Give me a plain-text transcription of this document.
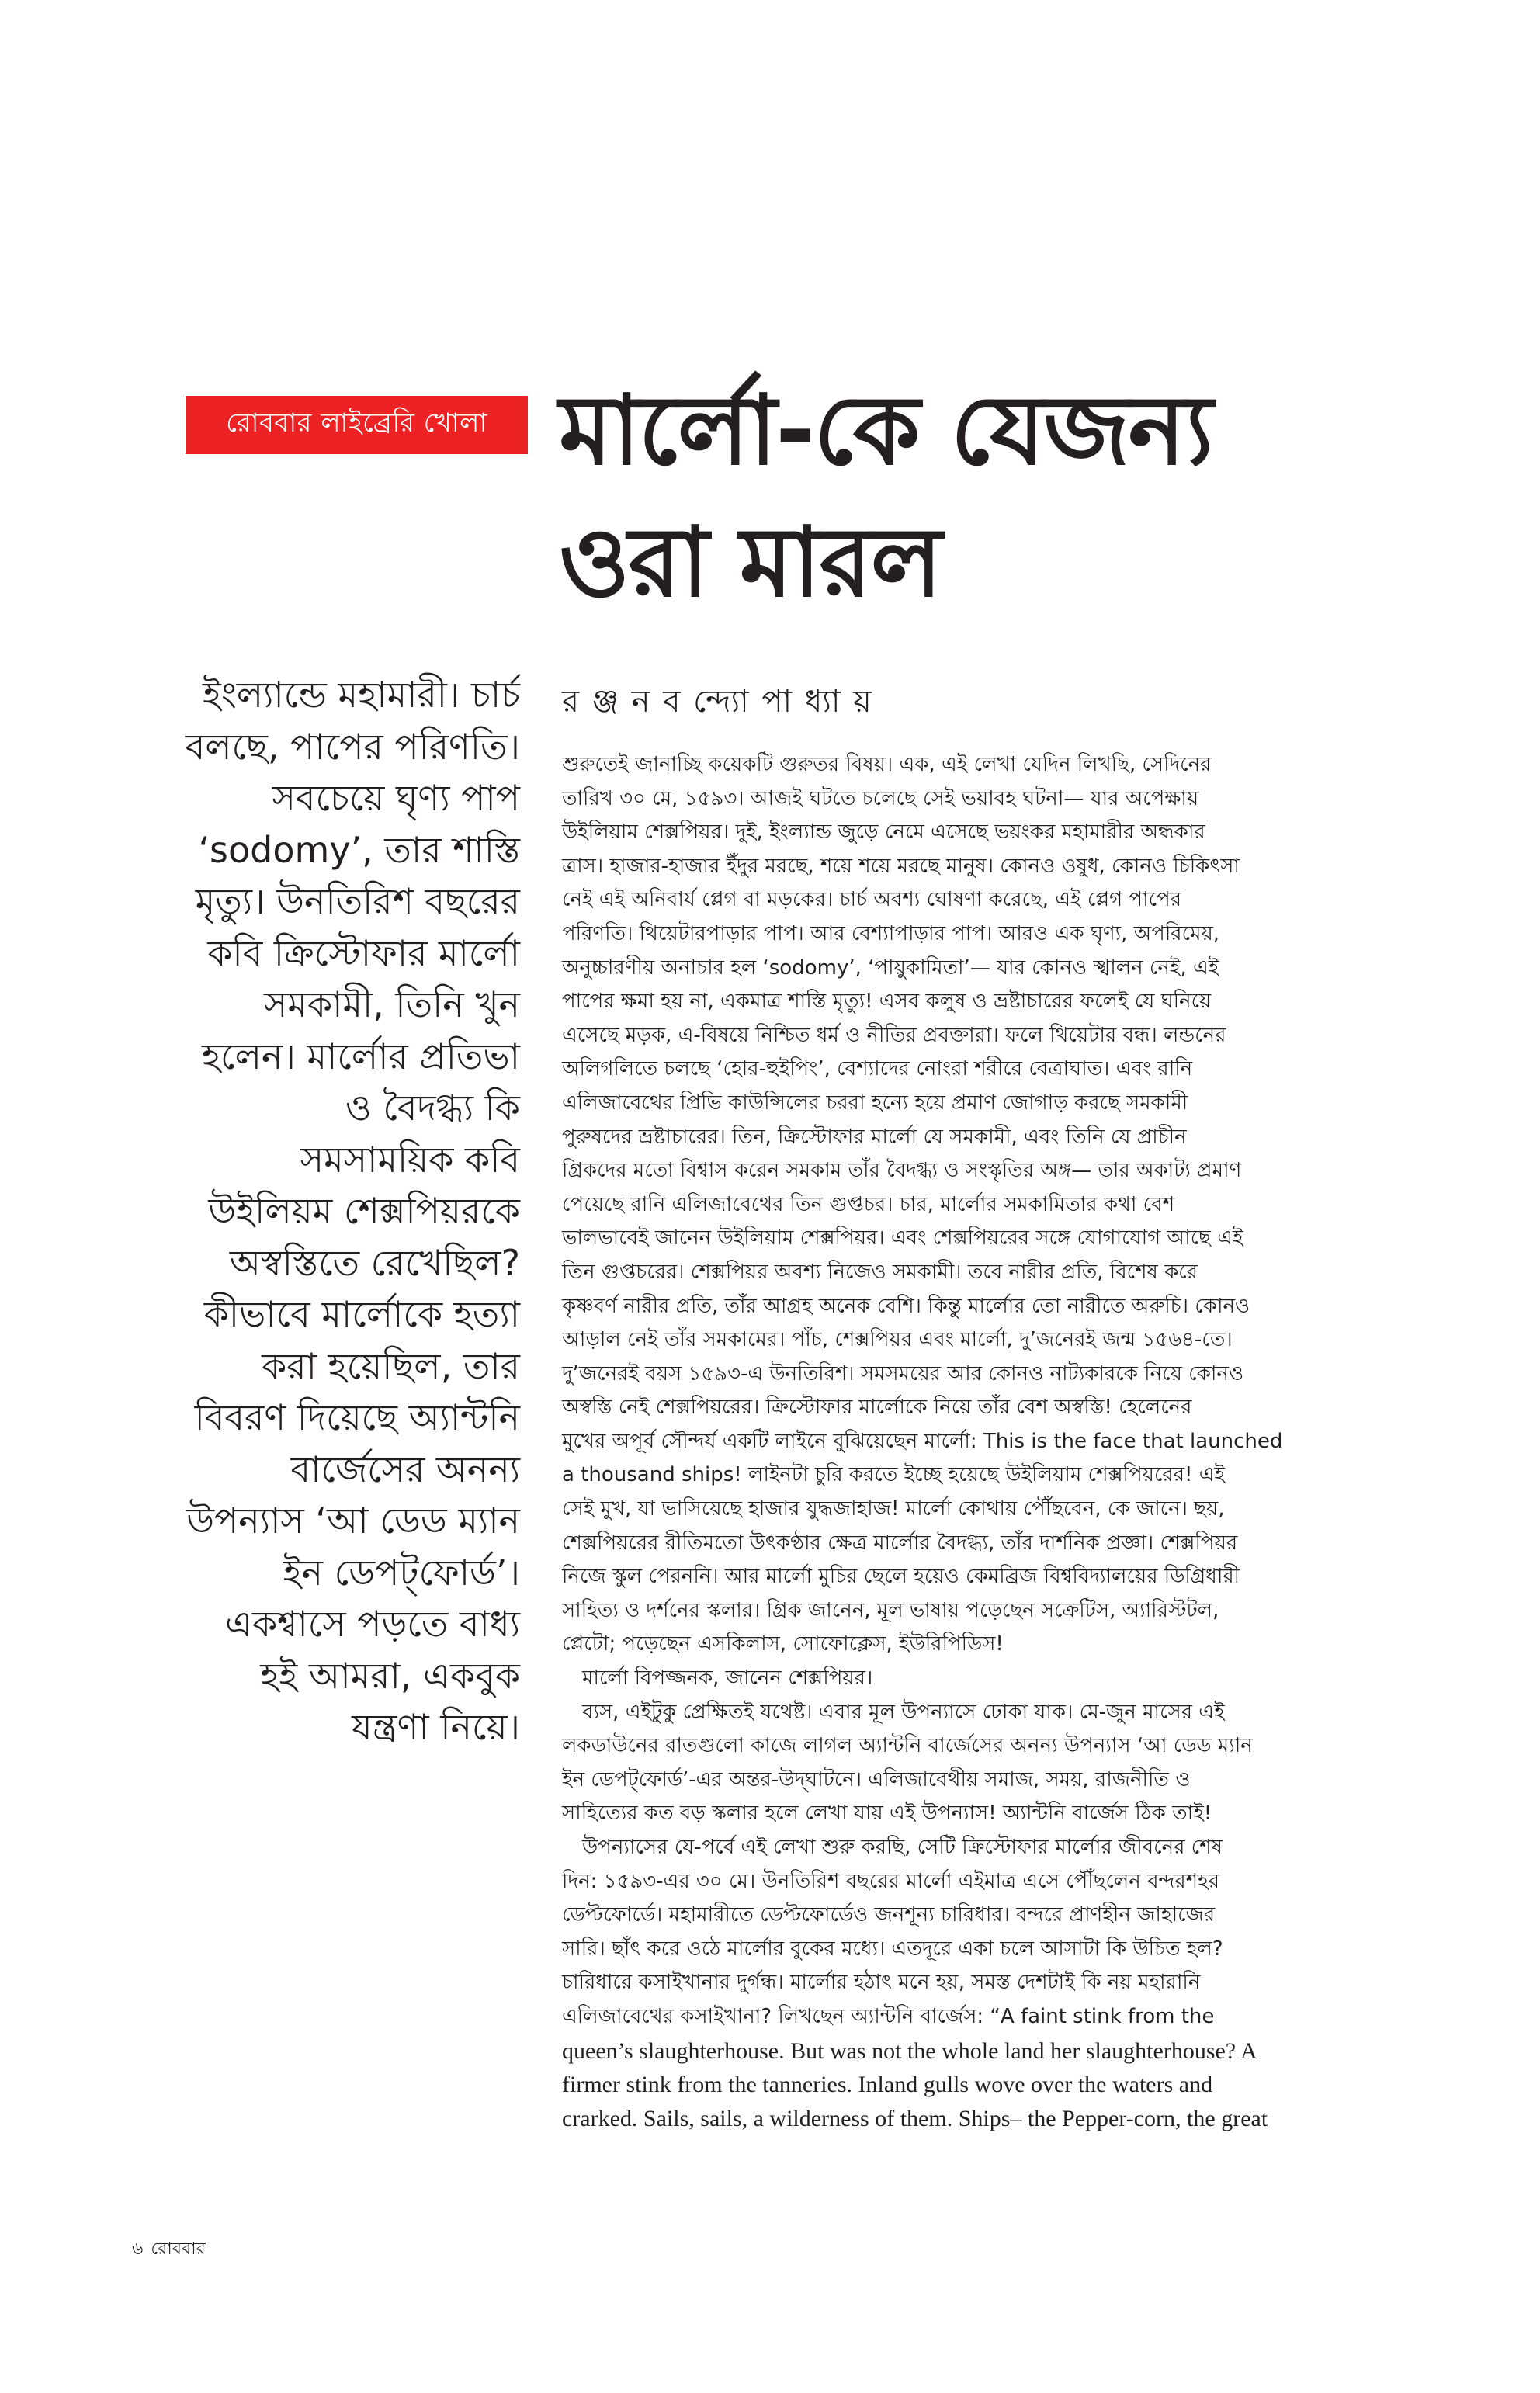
রোববার লাইব্রেরি খোলা মার্লো-কে যেজন্য
ওরা মারল
ইংল্যান্ডে মহামারী। চার্চ
বলছে, পাপের পরিণতি।
সবচেয়ে ঘৃণ্য পাপ
‘sodomy’, তার শাস্তি
মৃত্যু। উনতিরিশ বছরের
কবি ক্রিস্টোফার মার্লো
সমকামী, তিনি খুন
হলেন। মার্লোর প্রতিভা
ও বৈদগ্ধ্য কি
সমসাময়িক কবি
উইলিয়ম শেক্সপিয়রকে
অস্বস্তিতে রেখেছিল?
কীভাবে মার্লোকে হত্যা
করা হয়েছিল, তার
বিবরণ দিয়েছে অ্যান্টনি
বার্জেসের অনন্য
উপন্যাস ‘আ ডেড ম্যান
ইন ডেপট্‌ফোর্ড’।
একশ্বাসে পড়তে বাধ্য
হই আমরা, একবুক
যন্ত্রণা নিয়ে।
র ঞ্জ ন ব ন্দ্যো পা ধ্যা য়
শুরুতেই জানাচ্ছি কয়েকটি গুরুতর বিষয়। এক, এই লেখা যেদিন লিখছি, সেদিনের
তারিখ ৩০ মে, ১৫৯৩। আজই ঘটতে চলেছে সেই ভয়াবহ ঘটনা— যার অপেক্ষায়
উইলিয়াম শেক্সপিয়র। দুই, ইংল্যান্ড জুড়ে নেমে এসেছে ভয়ংকর মহামারীর অন্ধকার
ত্রাস। হাজার-হাজার ইঁদুর মরছে, শয়ে শয়ে মরছে মানুষ। কোনও ওষুধ, কোনও চিকিৎসা
নেই এই অনিবার্য প্লেগ বা মড়কের। চার্চ অবশ্য ঘোষণা করেছে, এই প্লেগ পাপের
পরিণতি। থিয়েটারপাড়ার পাপ। আর বেশ্যাপাড়ার পাপ। আরও এক ঘৃণ্য, অপরিমেয়,
অনুচ্চারণীয় অনাচার হল ‘sodomy’, ‘পায়ুকামিতা’— যার কোনও স্খালন নেই, এই
পাপের ক্ষমা হয় না, একমাত্র শাস্তি মৃত্যু! এসব কলুষ ও ভ্রষ্টাচারের ফলেই যে ঘনিয়ে
এসেছে মড়ক, এ-বিষয়ে নিশ্চিত ধর্ম ও নীতির প্রবক্তারা। ফলে থিয়েটার বন্ধ। লন্ডনের
অলিগলিতে চলছে ‘হোর-হুইপিং’, বেশ্যাদের নোংরা শরীরে বেত্রাঘাত। এবং রানি
এলিজাবেথের প্রিভি কাউন্সিলের চররা হন্যে হয়ে প্রমাণ জোগাড় করছে সমকামী
পুরুষদের ভ্রষ্টাচারের। তিন, ক্রিস্টোফার মার্লো যে সমকামী, এবং তিনি যে প্রাচীন
গ্রিকদের মতো বিশ্বাস করেন সমকাম তাঁর বৈদগ্ধ্য ও সংস্কৃতির অঙ্গ— তার অকাট্য প্রমাণ
পেয়েছে রানি এলিজাবেথের তিন গুপ্তচর। চার, মার্লোর সমকামিতার কথা বেশ
ভালভাবেই জানেন উইলিয়াম শেক্সপিয়র। এবং শেক্সপিয়রের সঙ্গে যোগাযোগ আছে এই
তিন গুপ্তচরের। শেক্সপিয়র অবশ্য নিজেও সমকামী। তবে নারীর প্রতি, বিশেষ করে
কৃষ্ণবর্ণ নারীর প্রতি, তাঁর আগ্রহ অনেক বেশি। কিন্তু মার্লোর তো নারীতে অরুচি। কোনও
আড়াল নেই তাঁর সমকামের। পাঁচ, শেক্সপিয়র এবং মার্লো, দু’জনেরই জন্ম ১৫৬৪-তে।
দু’জনেরই বয়স ১৫৯৩-এ উনতিরিশ। সমসময়ের আর কোনও নাট্যকারকে নিয়ে কোনও
অস্বস্তি নেই শেক্সপিয়রের। ক্রিস্টোফার মার্লোকে নিয়ে তাঁর বেশ অস্বস্তি! হেলেনের
মুখের অপূর্ব সৌন্দর্য একটি লাইনে বুঝিয়েছেন মার্লো: This is the face that launched
a thousand ships! লাইনটা চুরি করতে ইচ্ছে হয়েছে উইলিয়াম শেক্সপিয়রের! এই
সেই মুখ, যা ভাসিয়েছে হাজার যুদ্ধজাহাজ! মার্লো কোথায় পৌঁছবেন, কে জানে। ছয়,
শেক্সপিয়রের রীতিমতো উৎকণ্ঠার ক্ষেত্র মার্লোর বৈদগ্ধ্য, তাঁর দার্শনিক প্রজ্ঞা। শেক্সপিয়র
নিজে স্কুল পেরননি। আর মার্লো মুচির ছেলে হয়েও কেমব্রিজ বিশ্ববিদ্যালয়ের ডিগ্রিধারী
সাহিত্য ও দর্শনের স্কলার। গ্রিক জানেন, মূল ভাষায় পড়েছেন সক্রেটিস, অ্যারিস্টটল,
প্লেটো; পড়েছেন এসকিলাস, সোফোক্লেস, ইউরিপিডিস!
মার্লো বিপজ্জনক, জানেন শেক্সপিয়র।
ব্যস, এইটুকু প্রেক্ষিতই যথেষ্ট। এবার মূল উপন্যাসে ঢোকা যাক। মে-জুন মাসের এই
লকডাউনের রাতগুলো কাজে লাগল অ্যান্টনি বার্জেসের অনন্য উপন্যাস ‘আ ডেড ম্যান
ইন ডেপট্‌ফোর্ড’-এর অন্তর-উদ্‌ঘাটনে। এলিজাবেথীয় সমাজ, সময়, রাজনীতি ও
সাহিত্যের কত বড় স্কলার হলে লেখা যায় এই উপন্যাস! অ্যান্টনি বার্জেস ঠিক তাই!
উপন্যাসের যে-পর্বে এই লেখা শুরু করছি, সেটি ক্রিস্টোফার মার্লোর জীবনের শেষ
দিন: ১৫৯৩-এর ৩০ মে। উনতিরিশ বছরের মার্লো এইমাত্র এসে পৌঁছলেন বন্দরশহর
ডেপ্টফোর্ডে। মহামারীতে ডেপ্টফোর্ডেও জনশূন্য চারিধার। বন্দরে প্রাণহীন জাহাজের
সারি। ছাঁৎ করে ওঠে মার্লোর বুকের মধ্যে। এতদূরে একা চলে আসাটা কি উচিত হল?
চারিধারে কসাইখানার দুর্গন্ধ। মার্লোর হঠাৎ মনে হয়, সমস্ত দেশটাই কি নয় মহারানি
এলিজাবেথের কসাইখানা? লিখছেন অ্যান্টনি বার্জেস: “A faint stink from the
queen’s slaughterhouse. But was not the whole land her slaughterhouse? A
firmer stink from the tanneries. Inland gulls wove over the waters and
crarked. Sails, sails, a wilderness of them. Ships– the Pepper-corn, the great
৬ রোববার
